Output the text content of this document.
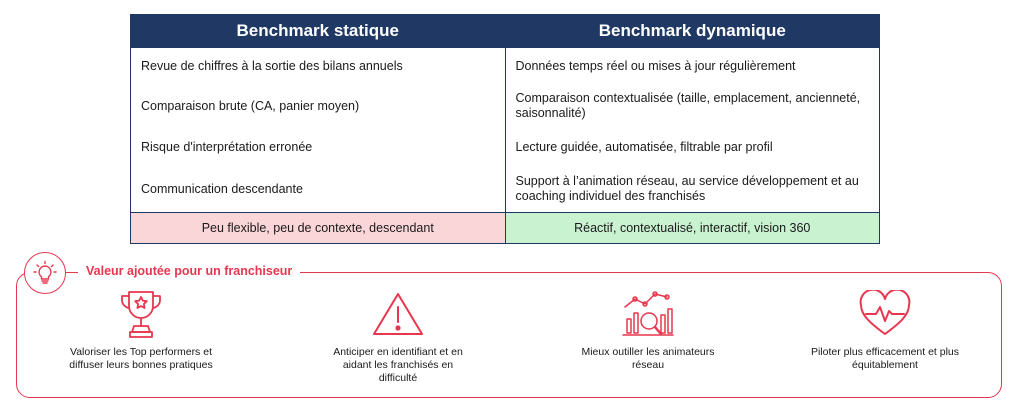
Benchmark statique	Benchmark dynamique
Revue de chiffres à la sortie des bilans annuels	Données temps réel ou mises à jour régulièrement
Comparaison brute (CA, panier moyen)	Comparaison contextualisée (taille, emplacement, ancienneté, saisonnalité)
Risque d'interprétation erronée	Lecture guidée, automatisée, filtrable par profil
Communication descendante	Support à l’animation réseau, au service développement et au coaching individuel des franchisés
Peu flexible, peu de contexte, descendant	Réactif, contextualisé, interactif, vision 360
Valeur ajoutée pour un franchiseur
Valoriser les Top performers et diffuser leurs bonnes pratiques
Anticiper en identifiant et en aidant les franchisés en difficulté
Mieux outiller les animateurs réseau
Piloter plus efficacement et plus équitablement
